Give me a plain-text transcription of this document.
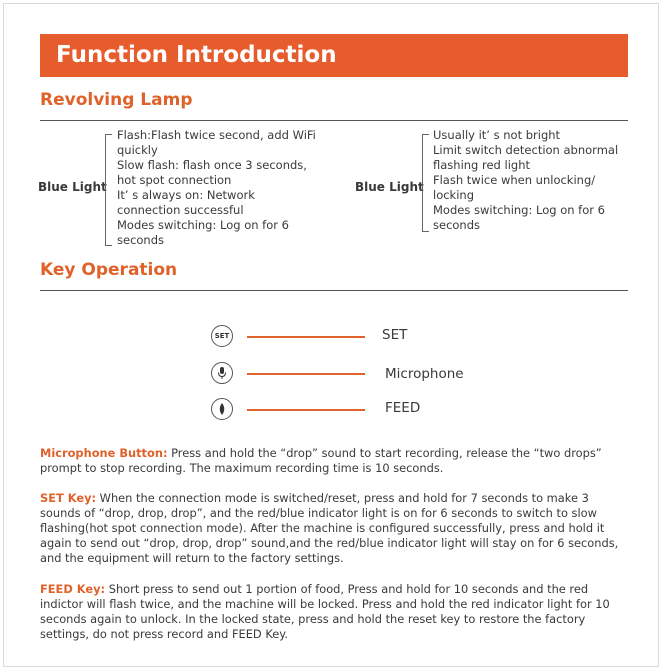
Function Introduction
Revolving Lamp
Blue Light
Flash:Flash twice second, add WiFi
quickly
Slow flash: flash once 3 seconds,
hot spot connection
It’ s always on: Network
connection successful
Modes switching: Log on for 6
seconds
Blue Light
Usually it’ s not bright
Limit switch detection abnormal
flashing red light
Flash twice when unlocking/
locking
Modes switching: Log on for 6
seconds
Key Operation
SET	SET
Microphone
FEED
Microphone Button: Press and hold the “drop” sound to start recording, release the “two drops” prompt to stop recording. The maximum recording time is 10 seconds.
SET Key: When the connection mode is switched/reset, press and hold for 7 seconds to make 3 sounds of “drop, drop, drop”, and the red/blue indicator light is on for 6 seconds to switch to slow flashing(hot spot connection mode). After the machine is configured successfully, press and hold it again to send out “drop, drop, drop” sound,and the red/blue indicator light will stay on for 6 seconds, and the equipment will return to the factory settings.
FEED Key: Short press to send out 1 portion of food, Press and hold for 10 seconds and the red indictor will flash twice, and the machine will be locked. Press and hold the red indicator light for 10 seconds again to unlock. In the locked state, press and hold the reset key to restore the factory settings, do not press record and FEED Key.
